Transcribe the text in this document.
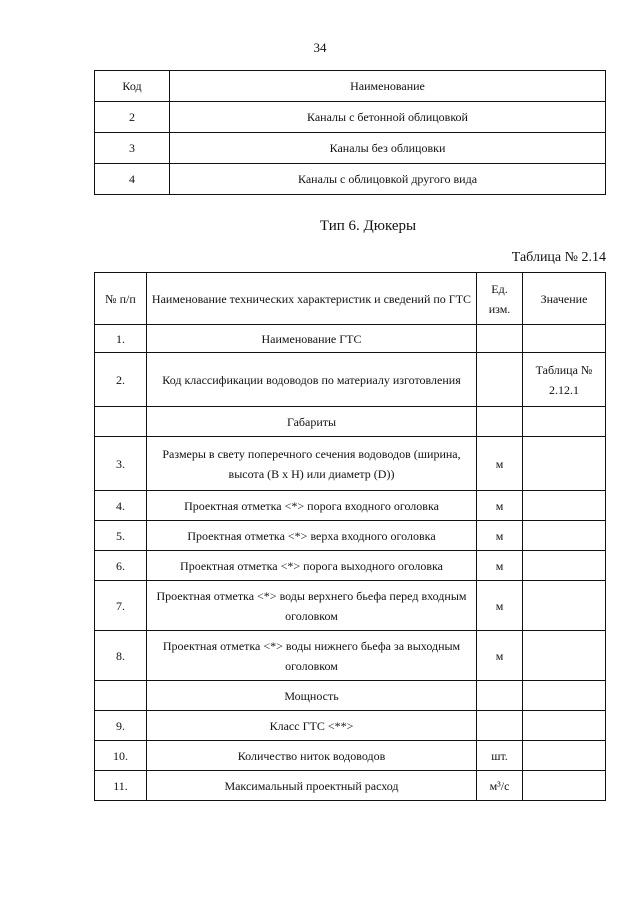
34
Код	Наименование
2	Каналы с бетонной облицовкой
3	Каналы без облицовки
4	Каналы с облицовкой другого вида
Тип 6. Дюкеры
Таблица № 2.14
№ п/п	Наименование технических характеристик и сведений по ГТС	Ед. изм.	Значение
1.	Наименование ГТС		
2.	Код классификации водоводов по материалу изготовления		Таблица № 2.12.1
	Габариты		
3.	Размеры в свету поперечного сечения водоводов (ширина, высота (В х Н) или диаметр (D))	м	
4.	Проектная отметка <*> порога входного оголовка	м	
5.	Проектная отметка <*> верха входного оголовка	м	
6.	Проектная отметка <*> порога выходного оголовка	м	
7.	Проектная отметка <*> воды верхнего бьефа перед входным оголовком	м	
8.	Проектная отметка <*> воды нижнего бьефа за выходным оголовком	м	
	Мощность		
9.	Класс ГТС <**>		
10.	Количество ниток водоводов	шт.	
11.	Максимальный проектный расход	м³/с	
